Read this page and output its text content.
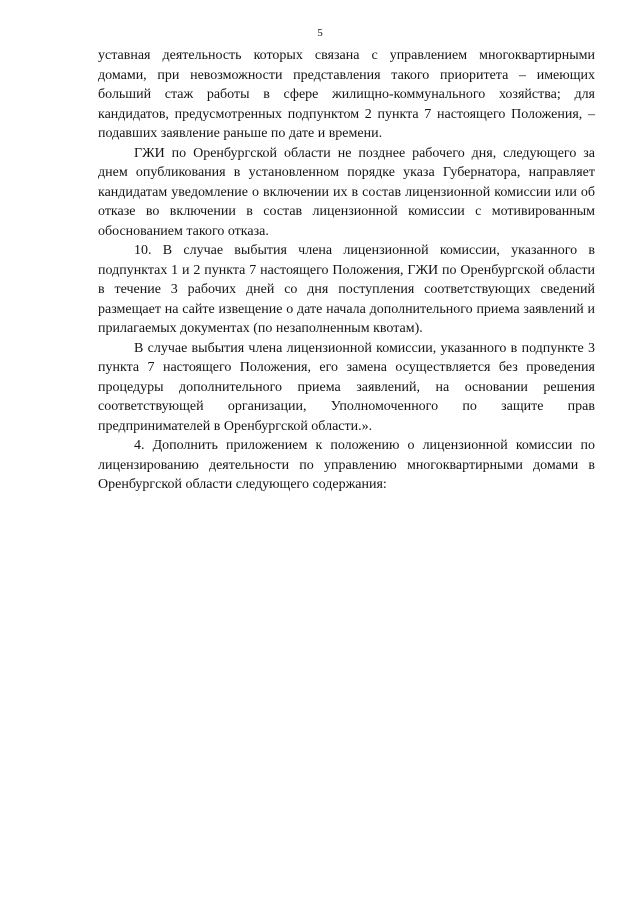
5

уставная деятельность которых связана с управлением многоквартирными домами, при невозможности представления такого приоритета – имеющих больший стаж работы в сфере жилищно-коммунального хозяйства; для кандидатов, предусмотренных подпунктом 2 пункта 7 настоящего Положения, – подавших заявление раньше по дате и времени.

ГЖИ по Оренбургской области не позднее рабочего дня, следующего за днем опубликования в установленном порядке указа Губернатора, направляет кандидатам уведомление о включении их в состав лицензионной комиссии или об отказе во включении в состав лицензионной комиссии с мотивированным обоснованием такого отказа.

10. В случае выбытия члена лицензионной комиссии, указанного в подпунктах 1 и 2 пункта 7 настоящего Положения, ГЖИ по Оренбургской области в течение 3 рабочих дней со дня поступления соответствующих сведений размещает на сайте извещение о дате начала дополнительного приема заявлений и прилагаемых документах (по незаполненным квотам).

В случае выбытия члена лицензионной комиссии, указанного в подпункте 3 пункта 7 настоящего Положения, его замена осуществляется без проведения процедуры дополнительного приема заявлений, на основании решения соответствующей организации, Уполномоченного по защите прав предпринимателей в Оренбургской области.».

4. Дополнить приложением к положению о лицензионной комиссии по лицензированию деятельности по управлению многоквартирными домами в Оренбургской области следующего содержания:
